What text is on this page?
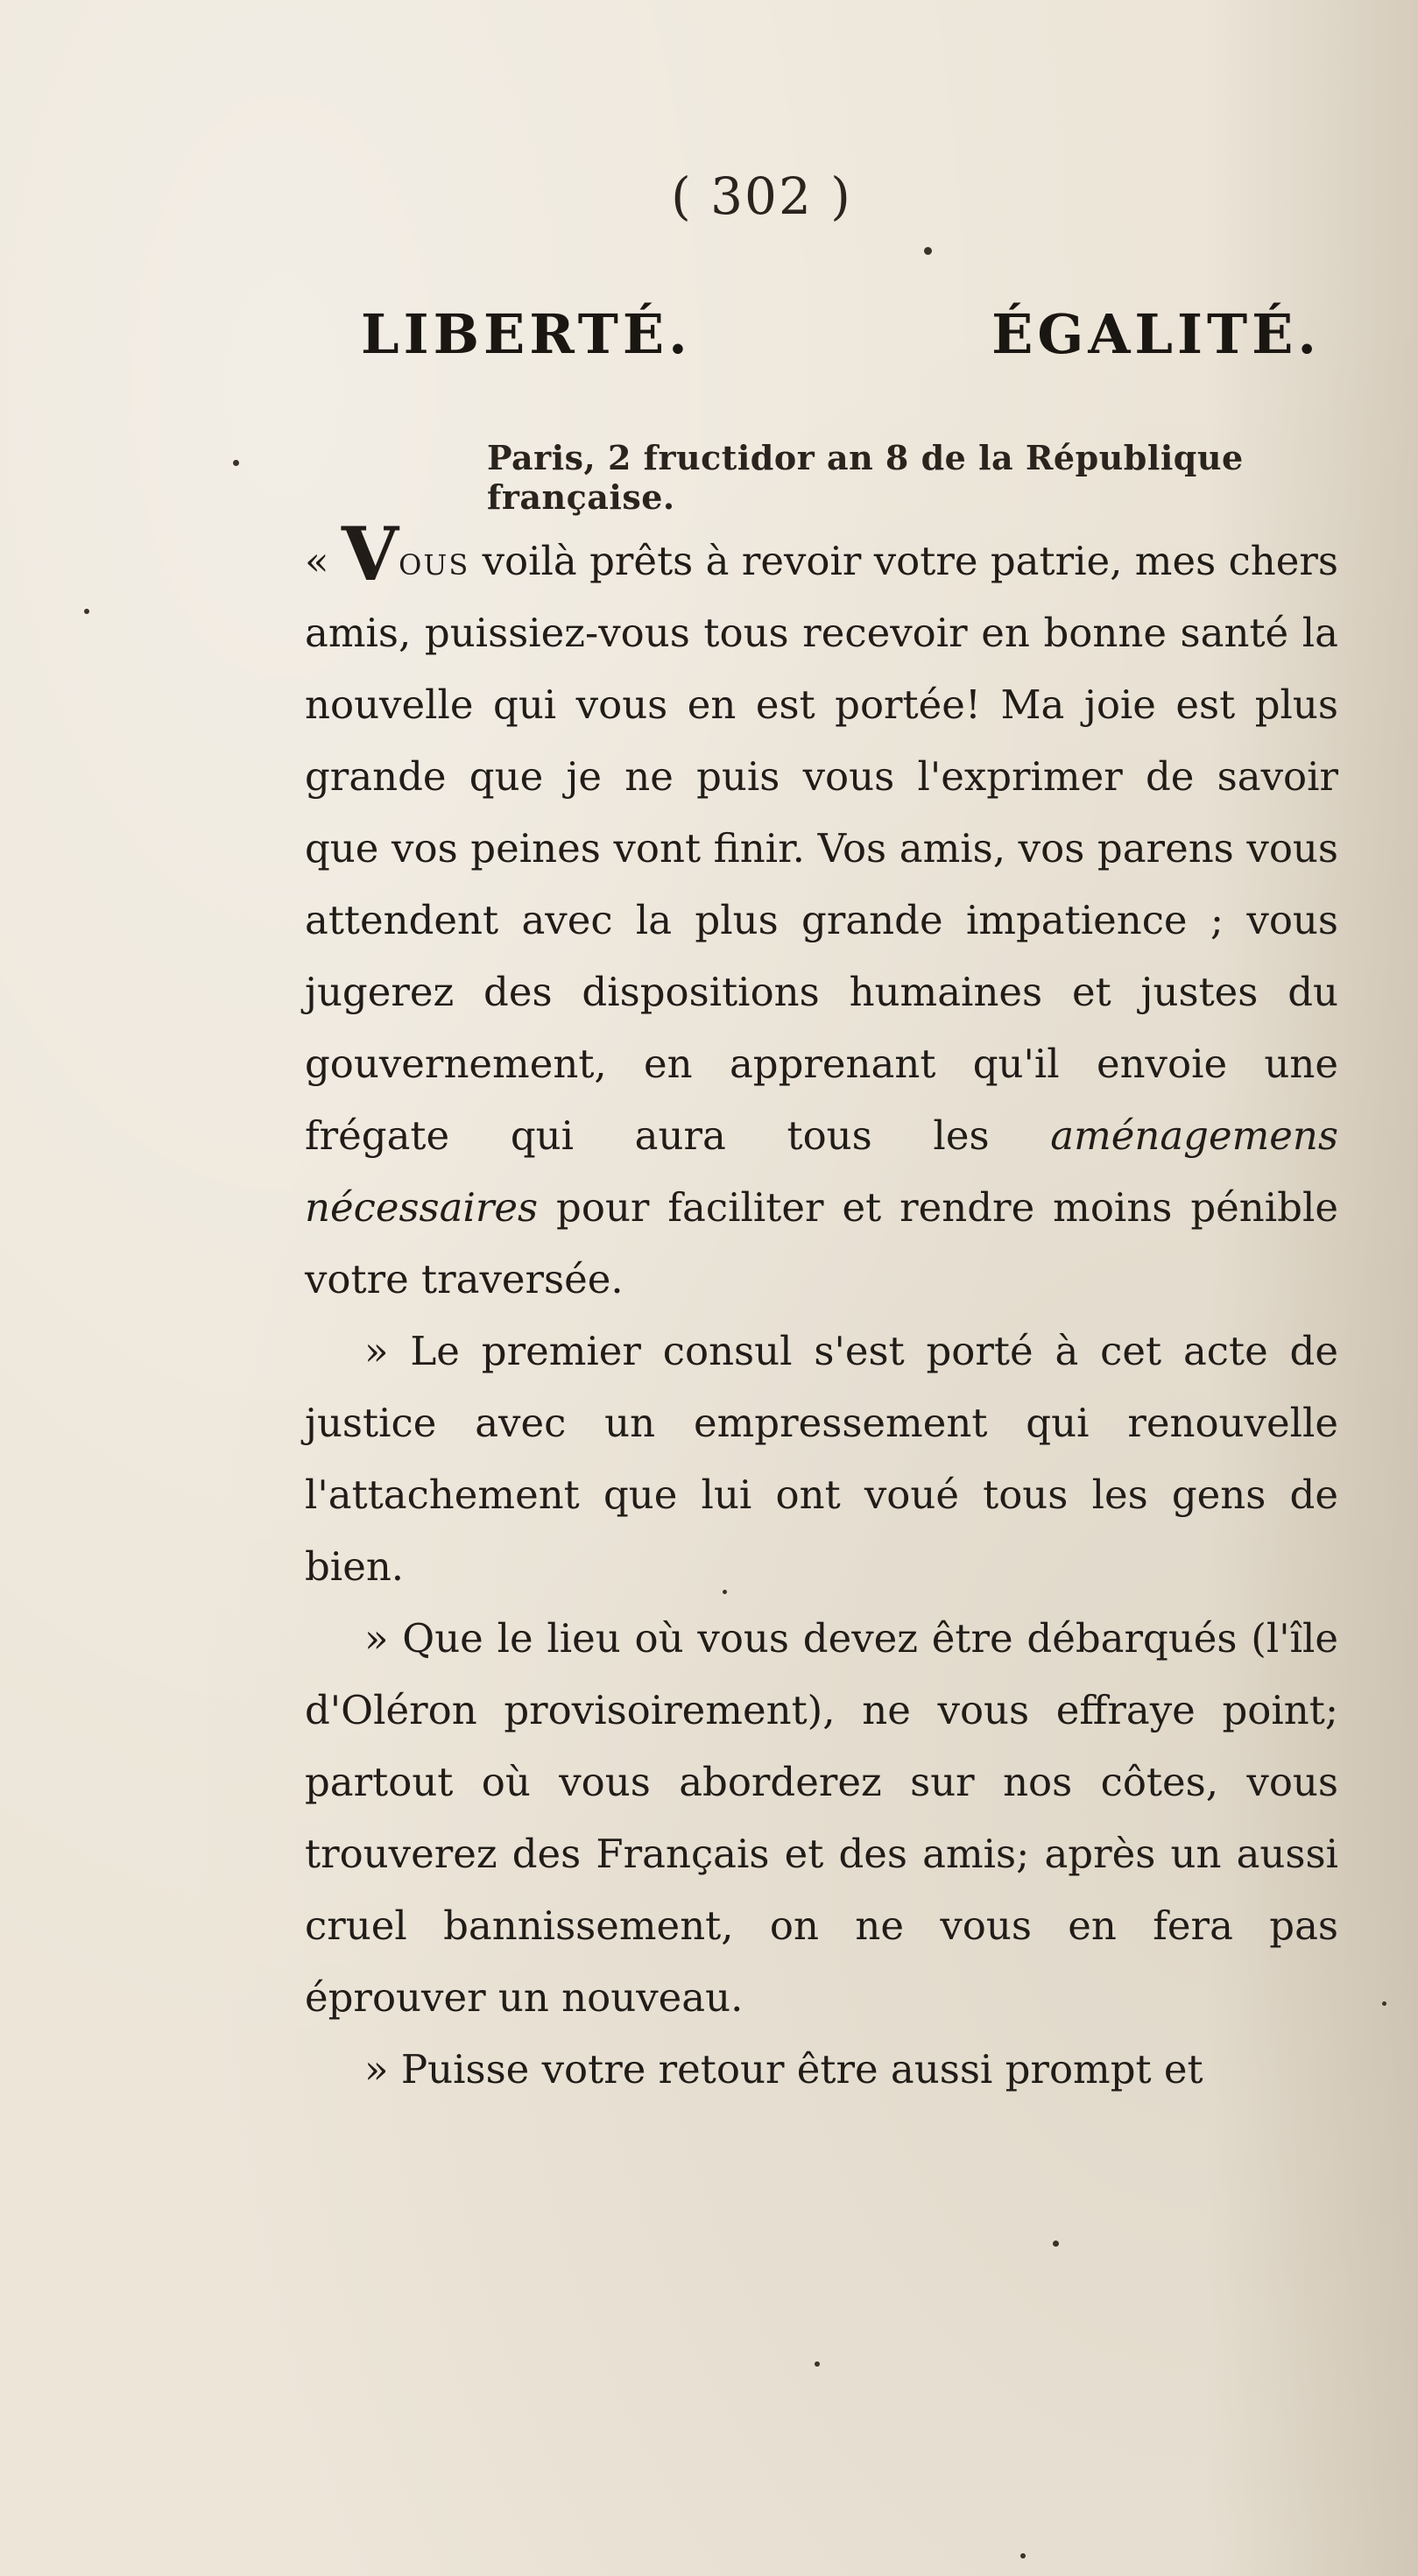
( 302 )
LIBERTÉ.	ÉGALITÉ.
Paris, 2 fructidor an 8 de la République française.

« Vous voilà prêts à revoir votre patrie, mes chers amis, puissiez-vous tous recevoir en bonne santé la nouvelle qui vous en est portée! Ma joie est plus grande que je ne puis vous l'exprimer de savoir que vos peines vont finir. Vos amis, vos parens vous attendent avec la plus grande impatience ; vous jugerez des dispositions humaines et justes du gouvernement, en apprenant qu'il envoie une frégate qui aura tous les aménagemens nécessaires pour faciliter et rendre moins pénible votre traversée.

» Le premier consul s'est porté à cet acte de justice avec un empressement qui renouvelle l'attachement que lui ont voué tous les gens de bien.

» Que le lieu où vous devez être débarqués (l'île d'Oléron provisoirement), ne vous effraye point; partout où vous aborderez sur nos côtes, vous trouverez des Français et des amis; après un aussi cruel bannissement, on ne vous en fera pas éprouver un nouveau.

» Puisse votre retour être aussi prompt et
